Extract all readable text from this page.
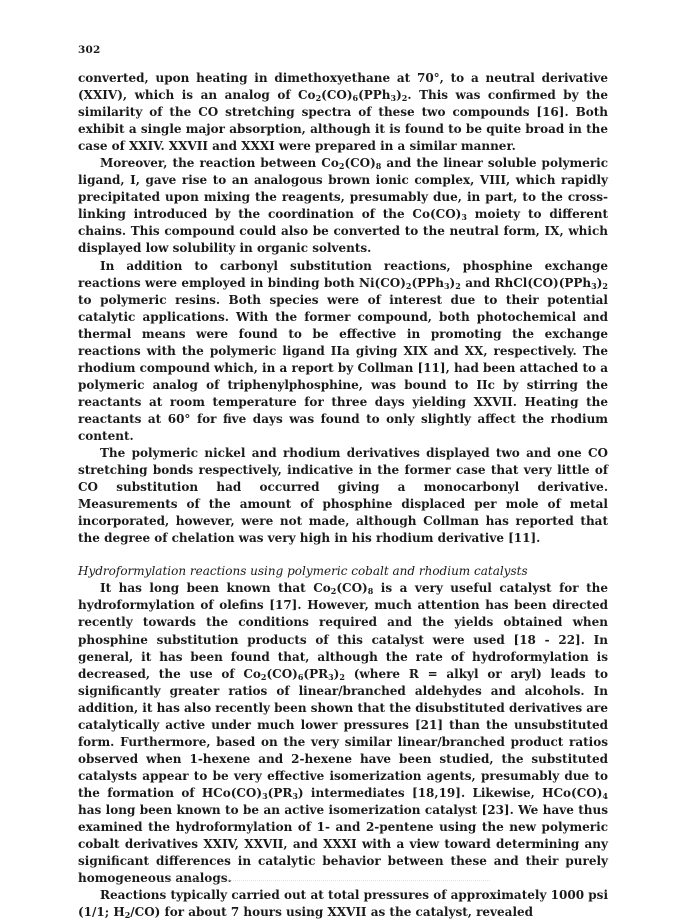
302

converted, upon heating in dimethoxyethane at 70°, to a neutral derivative (XXIV), which is an analog of $Co_2(CO)_6(PPh_3)_2$. This was confirmed by the similarity of the CO stretching spectra of these two compounds [16]. Both exhibit a single major absorption, although it is found to be quite broad in the case of XXIV. XXVII and XXXI were prepared in a similar manner.

Moreover, the reaction between $Co_2(CO)_8$ and the linear soluble polymeric ligand, I, gave rise to an analogous brown ionic complex, VIII, which rapidly precipitated upon mixing the reagents, presumably due, in part, to the cross-linking introduced by the coordination of the $Co(CO)_3$ moiety to different chains. This compound could also be converted to the neutral form, IX, which displayed low solubility in organic solvents.

In addition to carbonyl substitution reactions, phosphine exchange reactions were employed in binding both $Ni(CO)_2(PPh_3)_2$ and $RhCl(CO)(PPh_3)_2$ to polymeric resins. Both species were of interest due to their potential catalytic applications. With the former compound, both photochemical and thermal means were found to be effective in promoting the exchange reactions with the polymeric ligand IIa giving XIX and XX, respectively. The rhodium compound which, in a report by Collman [11], had been attached to a polymeric analog of triphenylphosphine, was bound to IIc by stirring the reactants at room temperature for three days yielding XXVII. Heating the reactants at 60° for five days was found to only slightly affect the rhodium content.

The polymeric nickel and rhodium derivatives displayed two and one CO stretching bonds respectively, indicative in the former case that very little of CO substitution had occurred giving a monocarbonyl derivative. Measurements of the amount of phosphine displaced per mole of metal incorporated, however, were not made, although Collman has reported that the degree of chelation was very high in his rhodium derivative [11].

Hydroformylation reactions using polymeric cobalt and rhodium catalysts

It has long been known that $Co_2(CO)_8$ is a very useful catalyst for the hydroformylation of olefins [17]. However, much attention has been directed recently towards the conditions required and the yields obtained when phosphine substitution products of this catalyst were used [18 - 22]. In general, it has been found that, although the rate of hydroformylation is decreased, the use of $Co_2(CO)_6(PR_3)_2$ (where R = alkyl or aryl) leads to significantly greater ratios of linear/branched aldehydes and alcohols. In addition, it has also recently been shown that the disubstituted derivatives are catalytically active under much lower pressures [21] than the unsubstituted form. Furthermore, based on the very similar linear/branched product ratios observed when 1-hexene and 2-hexene have been studied, the substituted catalysts appear to be very effective isomerization agents, presumably due to the formation of $HCo(CO)_3(PR_3)$ intermediates [18,19]. Likewise, $HCo(CO)_4$ has long been known to be an active isomerization catalyst [23]. We have thus examined the hydroformylation of 1- and 2-pentene using the new polymeric cobalt derivatives XXIV, XXVII, and XXXI with a view toward determining any significant differences in catalytic behavior between these and their purely homogeneous analogs.

Reactions typically carried out at total pressures of approximately 1000 psi (1/1; $H_2/CO$) for about 7 hours using XXVII as the catalyst, revealed
